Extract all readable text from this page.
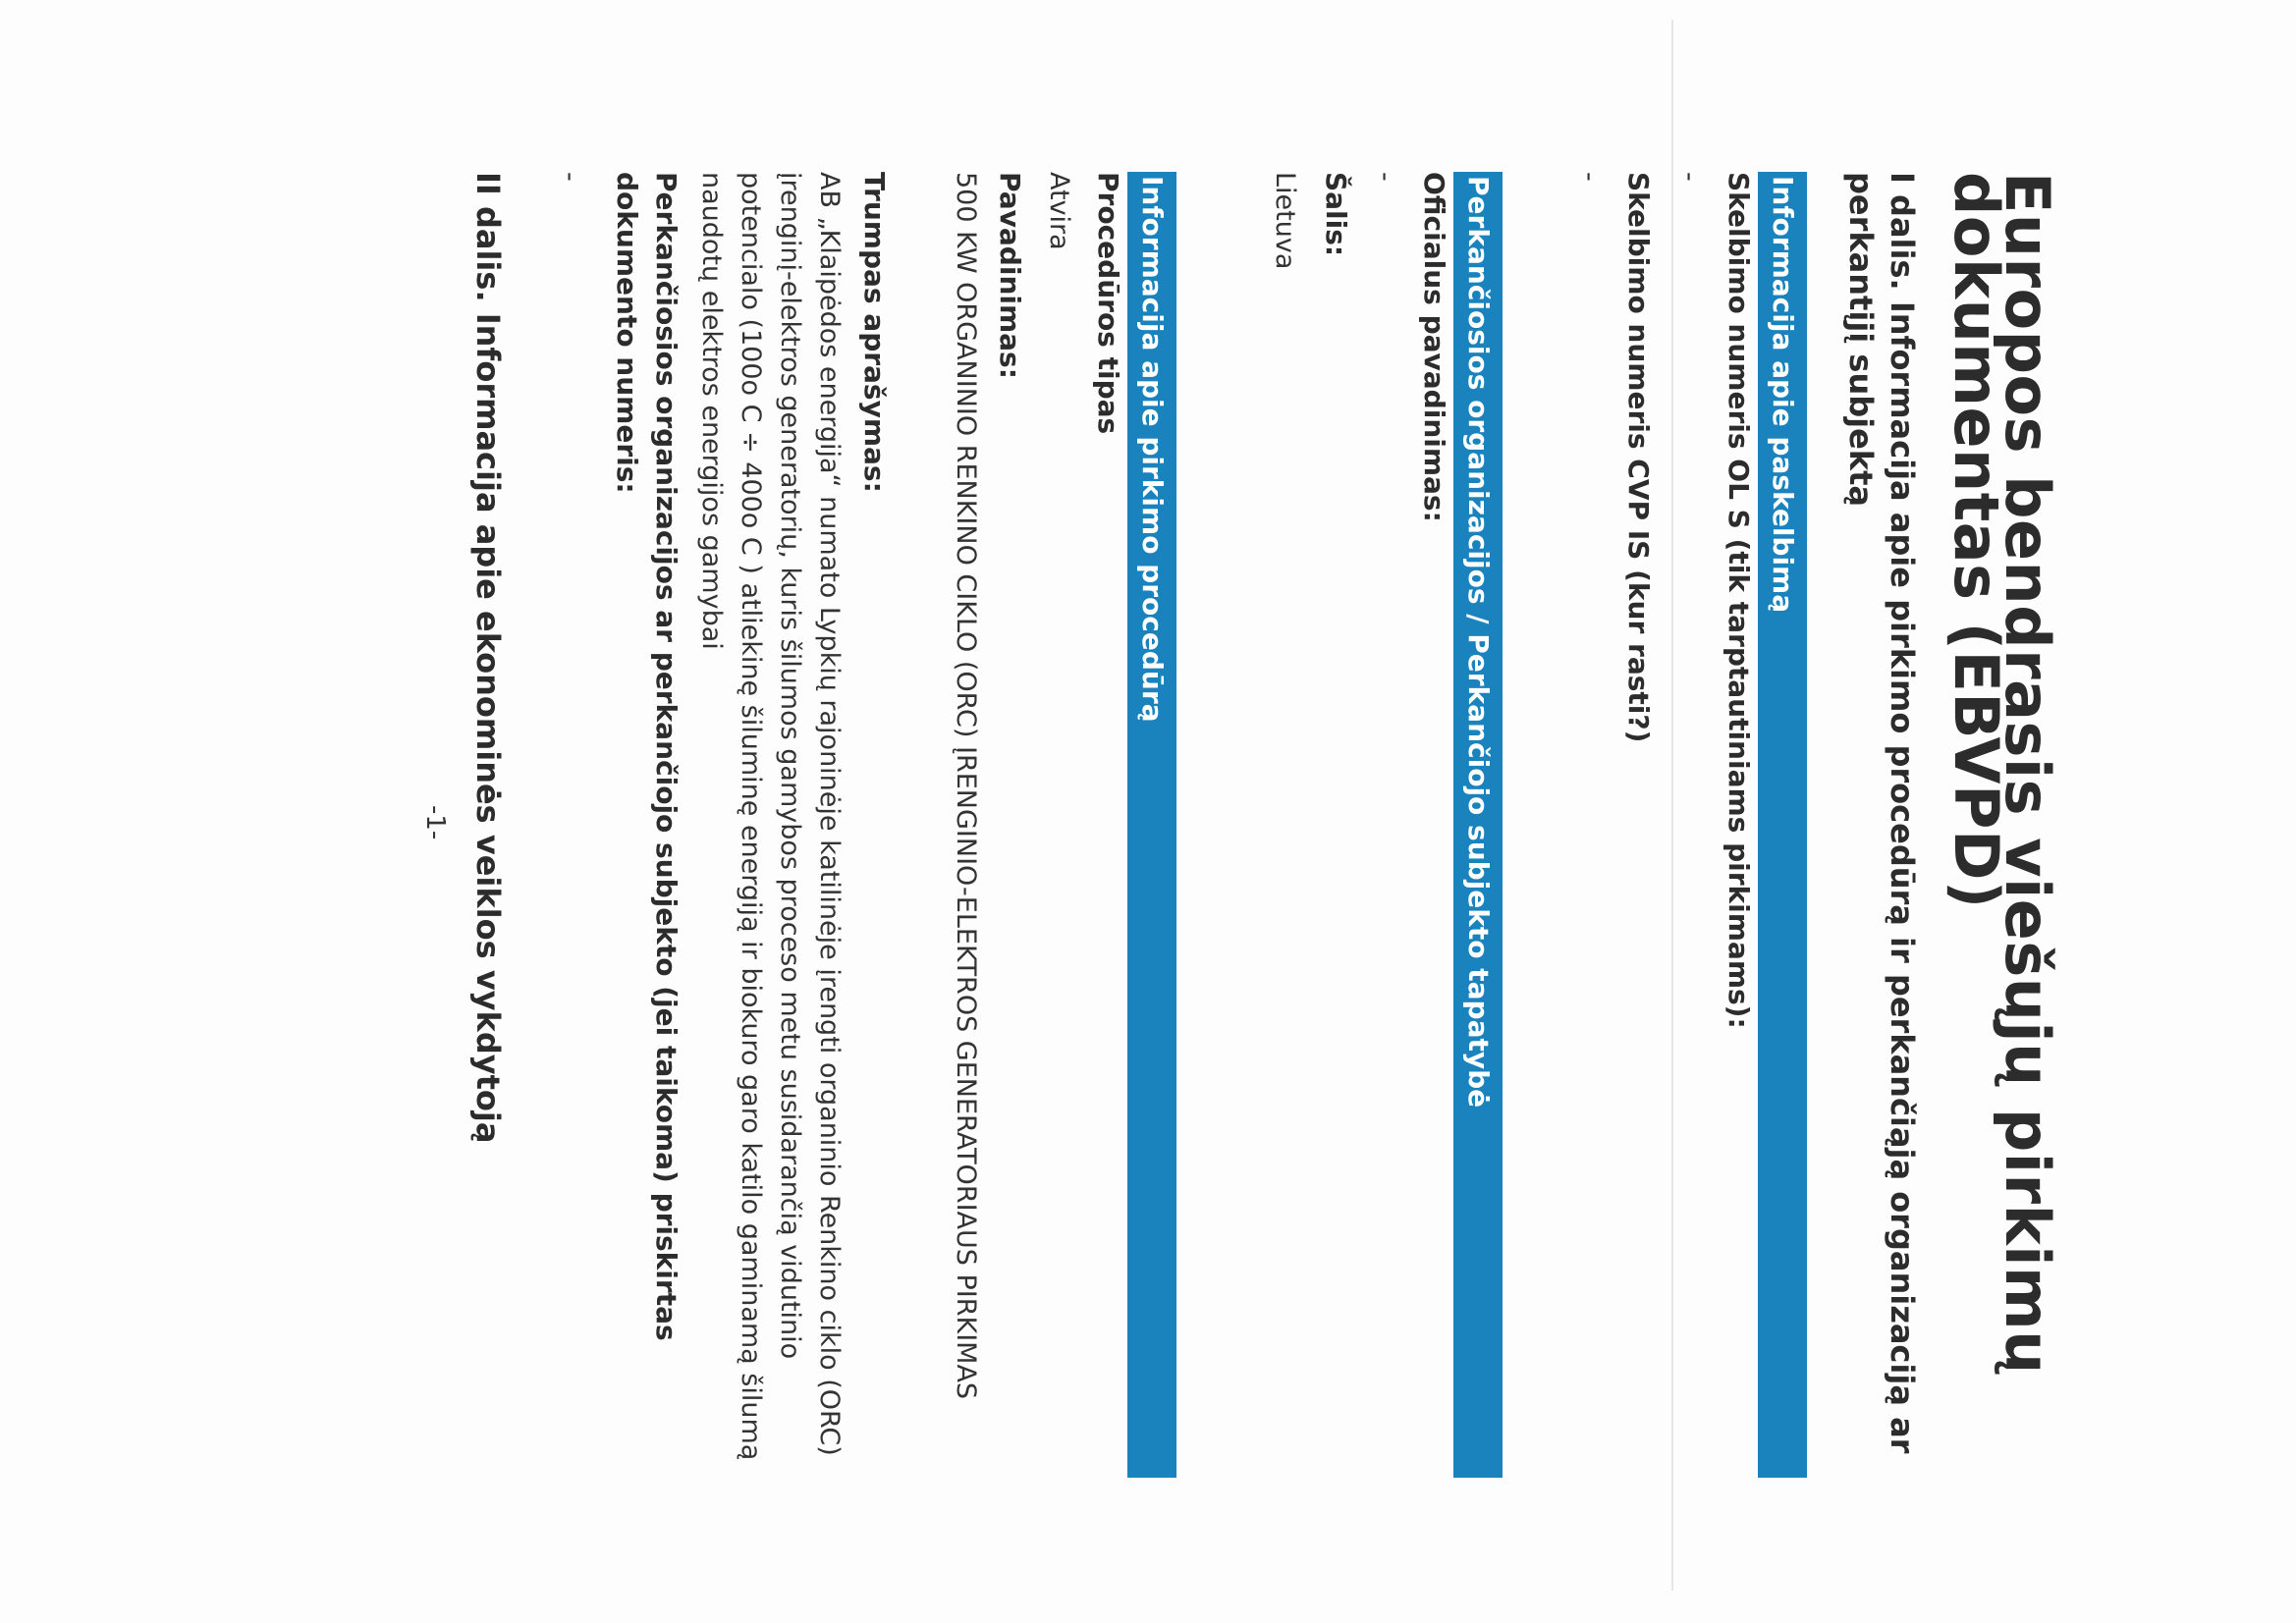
Europos bendrasis viešųjų pirkimų dokumentas (EBVPD)
I dalis. Informacija apie pirkimo procedūrą ir perkančiąją organizaciją ar perkantįjį subjektą
Informacija apie paskelbimą
Skelbimo numeris OL S (tik tarptautiniams pirkimams):
-
Skelbimo numeris CVP IS (kur rasti?)
-
Perkančiosios organizacijos / Perkančiojo subjekto tapatybė
Oficialus pavadinimas:
-
Šalis:
Lietuva
Informacija apie pirkimo procedūrą
Procedūros tipas
Atvira
Pavadinimas:
500 KW ORGANINIO RENKINO CIKLO (ORC) ĮRENGINIO-ELEKTROS GENERATORIAUS PIRKIMAS
Trumpas aprašymas:
AB „Klaipėdos energija“ numato Lypkių rajoninėje katilinėje įrengti organinio Renkino ciklo (ORC) įrenginį-elektros generatorių, kuris šilumos gamybos proceso metu susidarančią vidutinio potencialo (100o C ÷ 400o C ) atliekinę šiluminę energiją ir biokuro garo katilo gaminamą šilumą naudotų elektros energijos gamybai
Perkančiosios organizacijos ar perkančiojo subjekto (jei taikoma) priskirtas dokumento numeris:
-
II dalis. Informacija apie ekonominės veiklos vykdytoją
-1-
